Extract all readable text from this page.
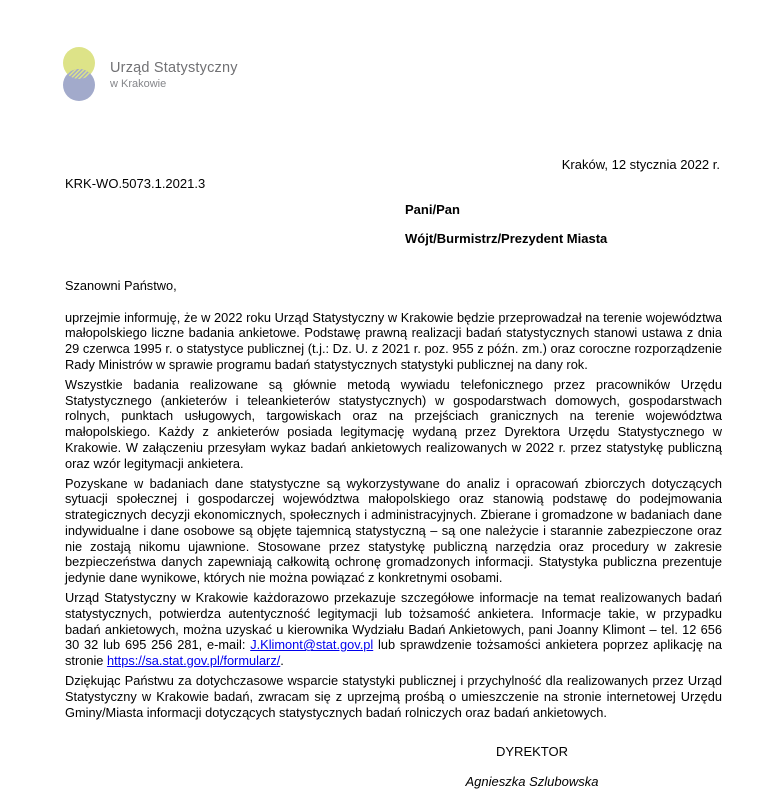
Urząd Statystyczny
w Krakowie
Kraków, 12 stycznia 2022 r.
KRK-WO.5073.1.2021.3
Pani/Pan
Wójt/Burmistrz/Prezydent Miasta
Szanowni Państwo,

uprzejmie informuję, że w 2022 roku Urząd Statystyczny w Krakowie będzie przeprowadzał na terenie województwa małopolskiego liczne badania ankietowe. Podstawę prawną realizacji badań statystycznych stanowi ustawa z dnia 29 czerwca 1995 r. o statystyce publicznej (t.j.: Dz. U. z 2021 r. poz. 955 z późn. zm.) oraz coroczne rozporządzenie Rady Ministrów w sprawie programu badań statystycznych statystyki publicznej na dany rok.

Wszystkie badania realizowane są głównie metodą wywiadu telefonicznego przez pracowników Urzędu Statystycznego (ankieterów i teleankieterów statystycznych) w gospodarstwach domowych, gospodarstwach rolnych, punktach usługowych, targowiskach oraz na przejściach granicznych na terenie województwa małopolskiego. Każdy z ankieterów posiada legitymację wydaną przez Dyrektora Urzędu Statystycznego w Krakowie. W załączeniu przesyłam wykaz badań ankietowych realizowanych w 2022 r. przez statystykę publiczną oraz wzór legitymacji ankietera.

Pozyskane w badaniach dane statystyczne są wykorzystywane do analiz i opracowań zbiorczych dotyczących sytuacji społecznej i gospodarczej województwa małopolskiego oraz stanowią podstawę do podejmowania strategicznych decyzji ekonomicznych, społecznych i administracyjnych. Zbierane i gromadzone w badaniach dane indywidualne i dane osobowe są objęte tajemnicą statystyczną – są one należycie i starannie zabezpieczone oraz nie zostają nikomu ujawnione. Stosowane przez statystykę publiczną narzędzia oraz procedury w zakresie bezpieczeństwa danych zapewniają całkowitą ochronę gromadzonych informacji. Statystyka publiczna prezentuje jedynie dane wynikowe, których nie można powiązać z konkretnymi osobami.

Urząd Statystyczny w Krakowie każdorazowo przekazuje szczegółowe informacje na temat realizowanych badań statystycznych, potwierdza autentyczność legitymacji lub tożsamość ankietera. Informacje takie, w przypadku badań ankietowych, można uzyskać u kierownika Wydziału Badań Ankietowych, pani Joanny Klimont – tel. 12 656 30 32 lub 695 256 281, e-mail: J.Klimont@stat.gov.pl lub sprawdzenie tożsamości ankietera poprzez aplikację na stronie https://sa.stat.gov.pl/formularz/.

Dziękując Państwu za dotychczasowe wsparcie statystyki publicznej i przychylność dla realizowanych przez Urząd Statystyczny w Krakowie badań, zwracam się z uprzejmą prośbą o umieszczenie na stronie internetowej Urzędu Gminy/Miasta informacji dotyczących statystycznych badań rolniczych oraz badań ankietowych.

DYREKTOR
Agnieszka Szlubowska
